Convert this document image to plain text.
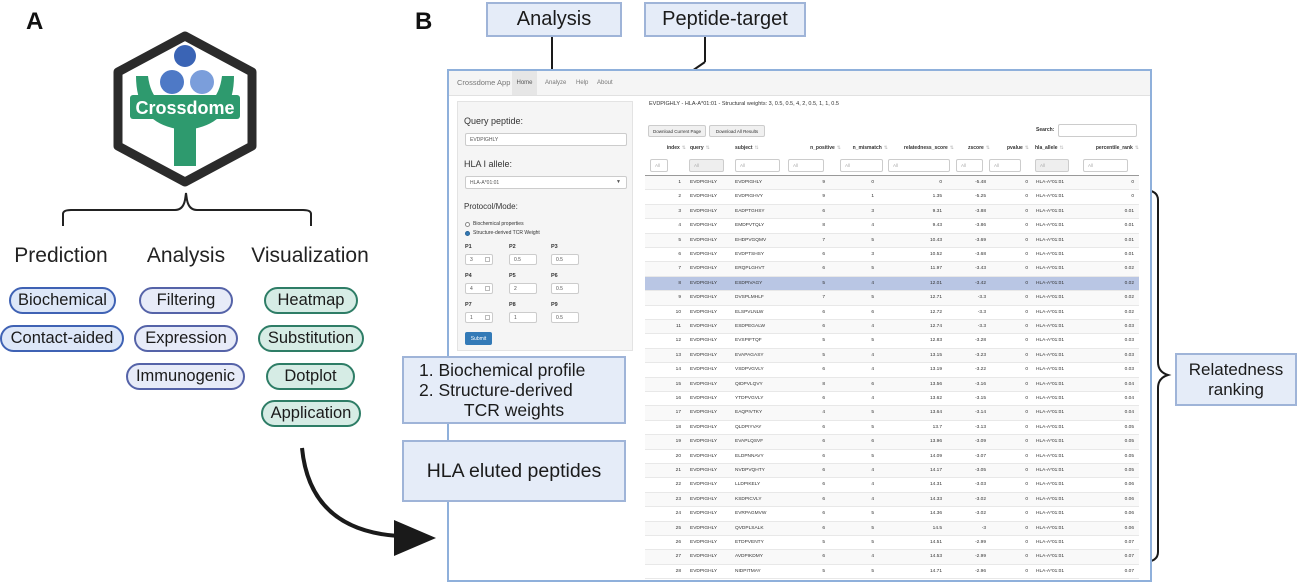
A
Crossdome
Prediction	Analysis	Visualization
Biochemical
Contact-aided
Filtering
Expression
Immunogenic
Heatmap
Substitution
Dotplot
Application
B	Analysis	Peptide-target
Crossdome App	Home	Analyze Help About
Query peptide:
EVDPIGHLY
HLA I allele:
HLA-A*01:01	▼
Protocol/Mode:
Biochemical properties
Structure-derived TCR Weight
P1
3
P2
0.5
P3
0.5
P4
4
P5
2
P6
0.5
P7
1
P8
1
P9
0.5
Submit
EVDPIGHLY - HLA-A*01:01 - Structural weights: 3, 0.5, 0.5, 4, 2, 0.5, 1, 1, 0.5
Download Current Page	Download All Results	Search:
index ⇅ query ⇅	subject ⇅	n_positive ⇅	n_mismatch ⇅	relatedness_score ⇅	zscore ⇅	pvalue ⇅ hla_allele ⇅	percentile_rank ⇅
All	All	All	All	All	All	All	All	All	All
1 EVDPIGHLY	EVDPIGHLY	9	0	0	-5.48	0 HLA-A*01:01	0
2 EVDPIGHLY	EVDPIGHVY	9	1	1.35	-5.25	0 HLA-A*01:01	0
3 EVDPIGHLY	EADPTGHSY	6	3	9.31	-3.88	0 HLA-A*01:01	0.01
4 EVDPIGHLY	EMDPVTQLY	8	4	9.43	-3.86	0 HLA-A*01:01	0.01
5 EVDPIGHLY	EHDPVGQMV	7	5	10.43	-3.69	0 HLA-A*01:01	0.01
6 EVDPIGHLY	EVDPTSHSY	6	3	10.52	-3.68	0 HLA-A*01:01	0.01
7 EVDPIGHLY	ERQPLGHVT	6	5	11.97	-3.43	0 HLA-A*01:01	0.02
8 EVDPIGHLY	ESDPIVAGY	5	4	12.01	-3.42	0 HLA-A*01:01	0.02
9 EVDPIGHLY	DVSPLMHLF	7	5	12.71	-3.3	0 HLA-A*01:01	0.02
10 EVDPIGHLY	ELSPVLNLW	6	6	12.72	-3.3	0 HLA-A*01:01	0.02
11 EVDPIGHLY	ESDPEGALW	6	4	12.74	-3.3	0 HLA-A*01:01	0.03
12 EVDPIGHLY	EVSPIFTQF	5	5	12.83	-3.28	0 HLA-A*01:01	0.03
13 EVDPIGHLY	EVAPAGASY	5	4	13.15	-3.23	0 HLA-A*01:01	0.03
14 EVDPIGHLY	VSDPVGVLY	6	4	13.19	-3.22	0 HLA-A*01:01	0.03
15 EVDPIGHLY	QIDPVLQVY	8	6	13.56	-3.16	0 HLA-A*01:01	0.04
16 EVDPIGHLY	YTDPVGVLY	6	4	13.62	-3.15	0 HLA-A*01:01	0.04
17 EVDPIGHLY	EAQPIVTKY	4	5	13.64	-3.14	0 HLA-A*01:01	0.04
18 EVDPIGHLY	QLDPIYVAY	6	5	13.7	-3.13	0 HLA-A*01:01	0.05
19 EVDPIGHLY	EVAPLQSVF	6	6	13.96	-3.09	0 HLA-A*01:01	0.05
20 EVDPIGHLY	ELDPNNAVY	6	5	14.09	-3.07	0 HLA-A*01:01	0.05
21 EVDPIGHLY	NVDPVQHTY	6	4	14.17	-3.05	0 HLA-A*01:01	0.05
22 EVDPIGHLY	LLDPIKELY	6	4	14.31	-3.03	0 HLA-A*01:01	0.06
23 EVDPIGHLY	KSDPICVLY	6	4	14.33	-3.02	0 HLA-A*01:01	0.06
24 EVDPIGHLY	EVRPAGMVW	6	5	14.36	-3.02	0 HLA-A*01:01	0.06
25 EVDPIGHLY	QVDPLSALK	6	5	14.5	-3	0 HLA-A*01:01	0.06
26 EVDPIGHLY	ETDPVENTY	5	5	14.51	-2.99	0 HLA-A*01:01	0.07
27 EVDPIGHLY	AVDPIKDMY	6	4	14.53	-2.99	0 HLA-A*01:01	0.07
28 EVDPIGHLY	NIDPITMAY	5	5	14.71	-2.96	0 HLA-A*01:01	0.07
1. Biochemical profile
2. Structure-derived
TCR weights
HLA eluted peptides
Relatedness
ranking
